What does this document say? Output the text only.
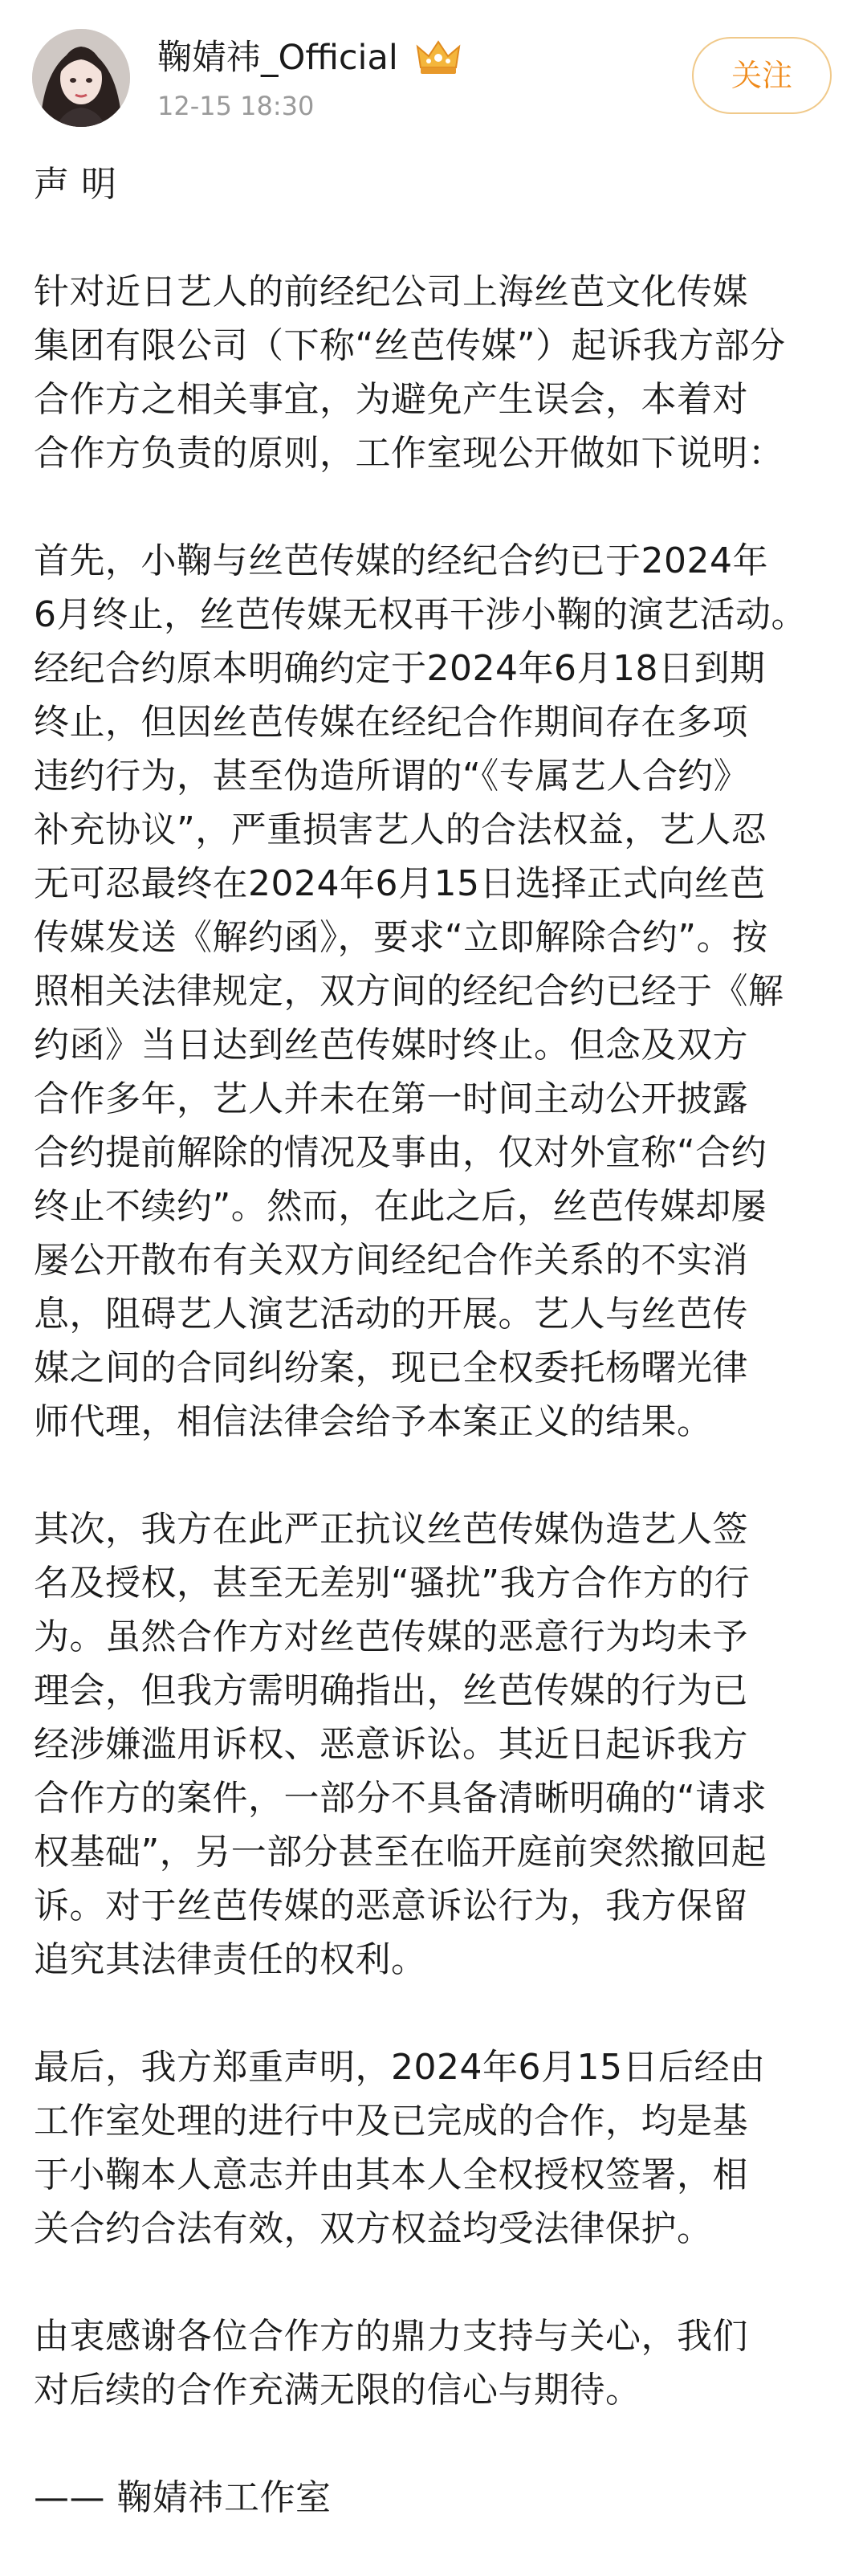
鞠婧祎_Official
12-15 18:30
关注

声 明

针对近日艺人的前经纪公司上海丝芭文化传媒
集团有限公司（下称“丝芭传媒”）起诉我方部分
合作方之相关事宜，为避免产生误会，本着对
合作方负责的原则，工作室现公开做如下说明：

首先，小鞠与丝芭传媒的经纪合约已于2024年
6月终止，丝芭传媒无权再干涉小鞠的演艺活动。
经纪合约原本明确约定于2024年6月18日到期
终止，但因丝芭传媒在经纪合作期间存在多项
违约行为，甚至伪造所谓的“《专属艺人合约》
补充协议”，严重损害艺人的合法权益，艺人忍
无可忍最终在2024年6月15日选择正式向丝芭
传媒发送《解约函》，要求“立即解除合约”。按
照相关法律规定，双方间的经纪合约已经于《解
约函》当日达到丝芭传媒时终止。但念及双方
合作多年，艺人并未在第一时间主动公开披露
合约提前解除的情况及事由，仅对外宣称“合约
终止不续约”。然而，在此之后，丝芭传媒却屡
屡公开散布有关双方间经纪合作关系的不实消
息，阻碍艺人演艺活动的开展。艺人与丝芭传
媒之间的合同纠纷案，现已全权委托杨曙光律
师代理，相信法律会给予本案正义的结果。

其次，我方在此严正抗议丝芭传媒伪造艺人签
名及授权，甚至无差别“骚扰”我方合作方的行
为。虽然合作方对丝芭传媒的恶意行为均未予
理会，但我方需明确指出，丝芭传媒的行为已
经涉嫌滥用诉权、恶意诉讼。其近日起诉我方
合作方的案件，一部分不具备清晰明确的“请求
权基础”，另一部分甚至在临开庭前突然撤回起
诉。对于丝芭传媒的恶意诉讼行为，我方保留
追究其法律责任的权利。

最后，我方郑重声明，2024年6月15日后经由
工作室处理的进行中及已完成的合作，均是基
于小鞠本人意志并由其本人全权授权签署，相
关合约合法有效，双方权益均受法律保护。

由衷感谢各位合作方的鼎力支持与关心，我们
对后续的合作充满无限的信心与期待。

—— 鞠婧祎工作室
